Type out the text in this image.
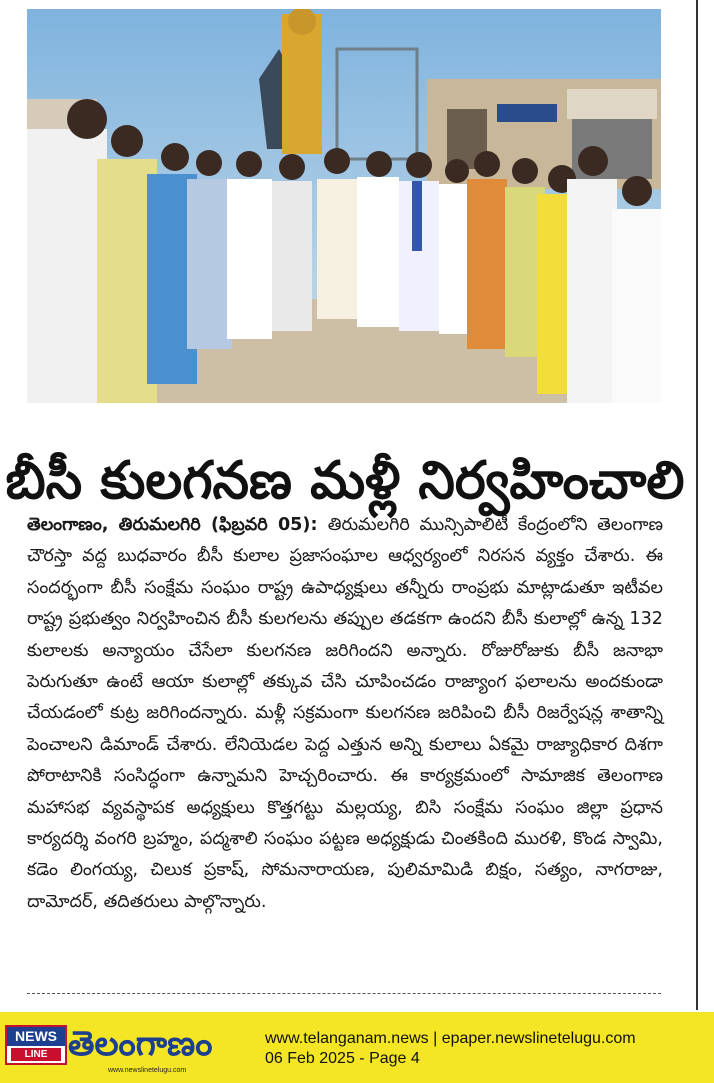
బీసీ కులగనణ మళ్లీ నిర్వహించాలి
తెలంగాణం, తిరుమలగిరి (ఫిబ్రవరి 05): తిరుమలగిరి మున్సిపాలిటీ కేంద్రంలోని తెలంగాణ చౌరస్తా వద్ద బుధవారం బీసీ కులాల ప్రజాసంఘాల ఆధ్వర్యంలో నిరసన వ్యక్తం చేశారు. ఈ సందర్భంగా బీసీ సంక్షేమ సంఘం రాష్ట్ర ఉపాధ్యక్షులు తన్నీరు రాంప్రభు మాట్లాడుతూ ఇటీవల రాష్ట్ర ప్రభుత్వం నిర్వహించిన బీసీ కులగలను తప్పుల తడకగా ఉందని బీసీ కులాల్లో ఉన్న 132 కులాలకు అన్యాయం చేసేలా కులగనణ జరిగిందని అన్నారు. రోజురోజుకు బీసీ జనాభా పెరుగుతూ ఉంటే ఆయా కులాల్లో తక్కువ చేసి చూపించడం రాజ్యాంగ ఫలాలను అందకుండా చేయడంలో కుట్ర జరిగిందన్నారు. మళ్లీ సక్రమంగా కులగనణ జరిపించి బీసీ రిజర్వేషన్ల శాతాన్ని పెంచాలని డిమాండ్ చేశారు. లేనియెడల పెద్ద ఎత్తున అన్ని కులాలు ఏకమై రాజ్యాధికార దిశగా పోరాటానికి సంసిద్ధంగా ఉన్నామని హెచ్చరించారు. ఈ కార్యక్రమంలో సామాజిక తెలంగాణ మహాసభ వ్యవస్థాపక అధ్యక్షులు కొత్తగట్టు మల్లయ్య, బిసి సంక్షేమ సంఘం జిల్లా ప్రధాన కార్యదర్శి వంగరి బ్రహ్మం, పద్మశాలి సంఘం పట్టణ అధ్యక్షుడు చింతకింది మురళి, కొండ స్వామి, కడెం లింగయ్య, చిలుక ప్రకాష్, సోమనారాయణ, పులిమామిడి బిక్షం, సత్యం, నాగరాజు, దామోదర్, తదితరులు పాల్గొన్నారు.
NEWS
LINE తెలంగాణం
www.newslinetelugu.com
www.telanganam.news | epaper.newslinetelugu.com
06 Feb 2025 - Page 4
